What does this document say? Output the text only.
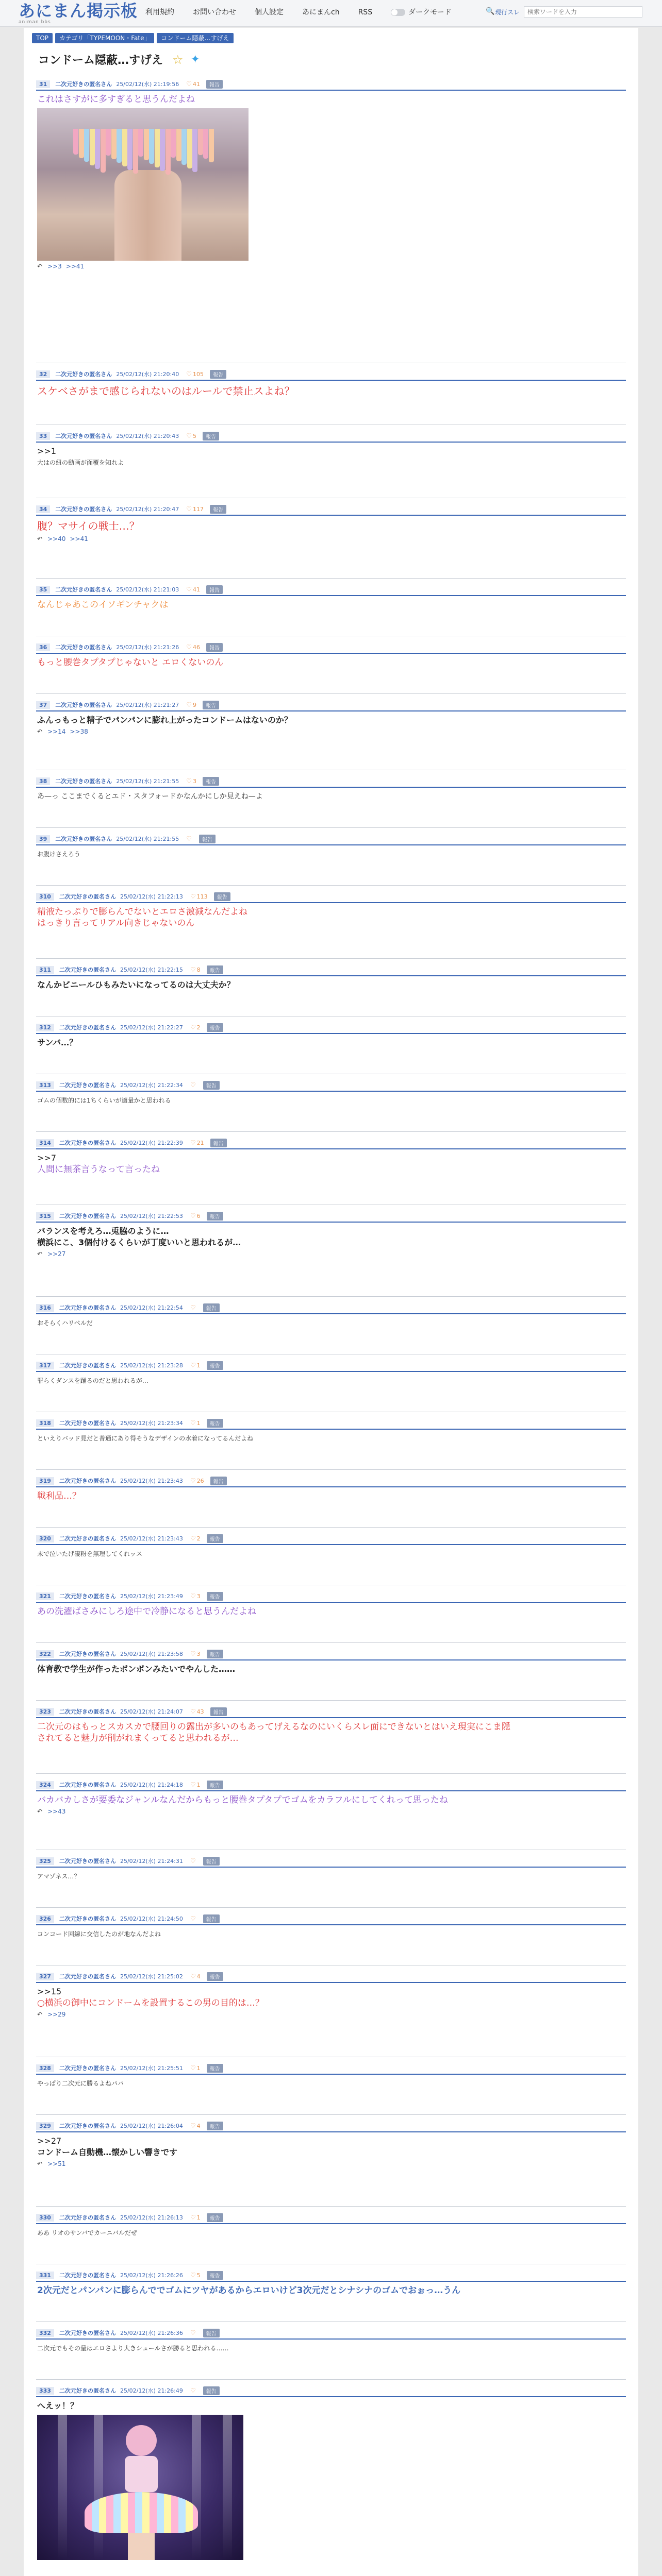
あにまん掲示板
animan bbs
利用規約	お問い合わせ	個人設定	あにまんch	RSS	ダークモード	🔍 現行スレ
検索ワードを入力
TOP	カテゴリ「TYPEMOON・Fate」	コンドーム隠蔽…すげえ
コンドーム隠蔽…すげえ ☆ ✦
31	二次元好きの匿名さん 25/02/12(水) 21:19:56 ♡ 41	報告
これはさすがに多すぎると思うんだよね
↶ >>3 >>41
32	二次元好きの匿名さん 25/02/12(水) 21:20:40 ♡ 105	報告
スケベさがまで感じられないのはルールで禁止スよね？
33	二次元好きの匿名さん 25/02/12(水) 21:20:43 ♡ 5	報告
>>1
大はの紐の動画が面覆を知れよ
34	二次元好きの匿名さん 25/02/12(水) 21:20:47 ♡ 117	報告
腹？マサイの戦士…？
↶ >>40 >>41
35	二次元好きの匿名さん 25/02/12(水) 21:21:03 ♡ 41	報告
なんじゃあこのイソギンチャクは
36	二次元好きの匿名さん 25/02/12(水) 21:21:26 ♡ 46	報告
もっと腰巻タプタプじゃないと エロくないのん
37	二次元好きの匿名さん 25/02/12(水) 21:21:27 ♡ 9	報告
ふんっもっと精子でパンパンに膨れ上がったコンドームはないのか？
↶ >>14 >>38
38	二次元好きの匿名さん 25/02/12(水) 21:21:55 ♡ 3	報告
あ—っ ここまでくるとエド・スタフォードかなんかにしか見えね—よ
39	二次元好きの匿名さん 25/02/12(水) 21:21:55 ♡	報告
お腹けさえろう
310	二次元好きの匿名さん 25/02/12(水) 21:22:13 ♡ 113	報告
精液たっぷりで膨らんでないとエロさ激減なんだよね
はっきり言ってリアル向きじゃないのん
311	二次元好きの匿名さん 25/02/12(水) 21:22:15 ♡ 8	報告
なんかビニールひもみたいになってるのは大丈夫か？
312	二次元好きの匿名さん 25/02/12(水) 21:22:27 ♡ 2	報告
サンバ…？
313	二次元好きの匿名さん 25/02/12(水) 21:22:34 ♡	報告
ゴムの個数的には1ちくらいが適量かと思われる
314	二次元好きの匿名さん 25/02/12(水) 21:22:39 ♡ 21	報告
>>7
人間に無茶言うなって言ったね
315	二次元好きの匿名さん 25/02/12(水) 21:22:53 ♡ 6	報告
バランスを考えろ…兎脇のように…
横浜にこ、3個付けるくらいが丁度いいと思われるが…
↶ >>27
316	二次元好きの匿名さん 25/02/12(水) 21:22:54 ♡	報告
おそらくハリベルだ
317	二次元好きの匿名さん 25/02/12(水) 21:23:28 ♡ 1	報告
罪らくダンスを踊るのだと思われるが…
318	二次元好きの匿名さん 25/02/12(水) 21:23:34 ♡ 1	報告
といえりバッド見だと普通にあり得そうなデザインの水着になってるんだよね
319	二次元好きの匿名さん 25/02/12(水) 21:23:43 ♡ 26	報告
戦利品…？
320	二次元好きの匿名さん 25/02/12(水) 21:23:43 ♡ 2	報告
未で泣いたげ凄粉を無理してくれッス
321	二次元好きの匿名さん 25/02/12(水) 21:23:49 ♡ 3	報告
あの洗濯ばさみにしろ途中で冷静になると思うんだよね
322	二次元好きの匿名さん 25/02/12(水) 21:23:58 ♡ 3	報告
体育教で学生が作ったボンボンみたいでやんした……
323	二次元好きの匿名さん 25/02/12(水) 21:24:07 ♡ 43	報告
二次元のはもっとスカスカで腰回りの露出が多いのもあってげえるなのにいくらスレ面にできないとはいえ現実にこま隠
されてると魅力が削がれまくってると思われるが…
324	二次元好きの匿名さん 25/02/12(水) 21:24:18 ♡ 1	報告
バカバカしさが要委なジャンルなんだからもっと腰巻タプタプでゴムをカラフルにしてくれって思ったね
↶ >>43
325	二次元好きの匿名さん 25/02/12(水) 21:24:31 ♡	報告
アマゾネス…？
326	二次元好きの匿名さん 25/02/12(水) 21:24:50 ♡	報告
コンコード回線に交信したのが地なんだよね
327	二次元好きの匿名さん 25/02/12(水) 21:25:02 ♡ 4	報告
>>15
○横浜の御中にコンドームを設置するこの男の目的は…？
↶ >>29
328	二次元好きの匿名さん 25/02/12(水) 21:25:51 ♡ 1	報告
やっぱり二次元に勝るよねパパ
329	二次元好きの匿名さん 25/02/12(水) 21:26:04 ♡ 4	報告
>>27
コンドーム自動機…懐かしい響きです
↶ >>51
330	二次元好きの匿名さん 25/02/12(水) 21:26:13 ♡ 1	報告
ああ リオのサンバでカーニバルだぜ
331	二次元好きの匿名さん 25/02/12(水) 21:26:26 ♡ 5	報告
2次元だとパンパンに膨らんででゴムにツヤがあるからエロいけど3次元だとシナシナのゴムでおぉっ…うん
332	二次元好きの匿名さん 25/02/12(水) 21:26:36 ♡	報告
二次元でもその量はエロさより大きシュールさが勝ると思われる……
333	二次元好きの匿名さん 25/02/12(水) 21:26:49 ♡	報告
へえッ！？
